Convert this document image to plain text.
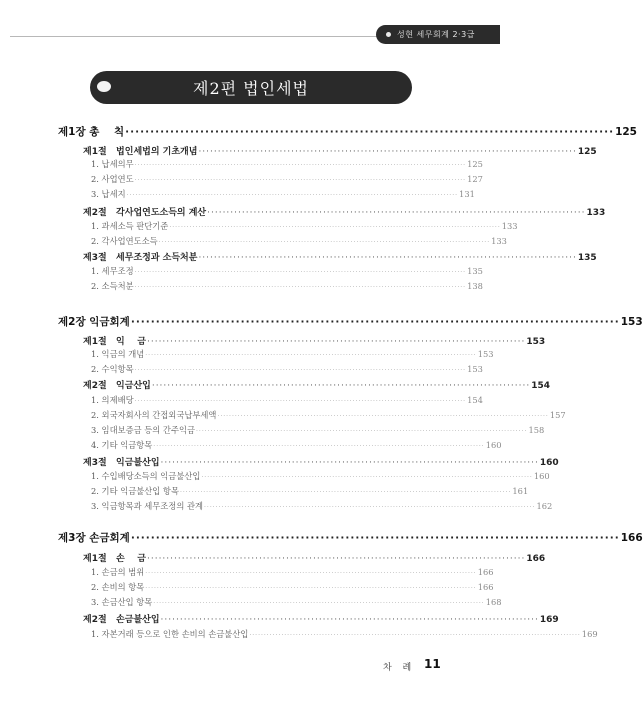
성현 세무회계 2·3급
제2편 법인세법
제1장 총    칙 ·································································································· 125
제1절   법인세법의 기초개념 ·································································································· 125
1. 납세의무 ·················································································································· 125
2. 사업연도 ·················································································································· 127
3. 납세지 ·················································································································· 131
제2절   각사업연도소득의 계산 ·································································································· 133
1. 과세소득 판단기준 ·················································································································· 133
2. 각사업연도소득 ·················································································································· 133
제3절   세무조정과 소득처분 ·································································································· 135
1. 세무조정 ·················································································································· 135
2. 소득처분 ·················································································································· 138
제2장 익금회계 ·································································································· 153
제1절   익    금 ·································································································· 153
1. 익금의 개념 ·················································································································· 153
2. 수익항목 ·················································································································· 153
제2절   익금산입 ·································································································· 154
1. 의제배당 ·················································································································· 154
2. 외국자회사의 간접외국납부세액 ·················································································································· 157
3. 임대보증금 등의 간주익금 ·················································································································· 158
4. 기타 익금항목 ·················································································································· 160
제3절   익금불산입 ·································································································· 160
1. 수입배당소득의 익금불산입 ·················································································································· 160
2. 기타 익금불산입 항목 ·················································································································· 161
3. 익금항목과 세무조정의 관계 ·················································································································· 162
제3장 손금회계 ·································································································· 166
제1절   손    금 ·································································································· 166
1. 손금의 범위 ·················································································································· 166
2. 손비의 항목 ·················································································································· 166
3. 손금산입 항목 ·················································································································· 168
제2절   손금불산입 ·································································································· 169
1. 자본거래 등으로 인한 손비의 손금불산입 ·················································································································· 169
차 례 11
